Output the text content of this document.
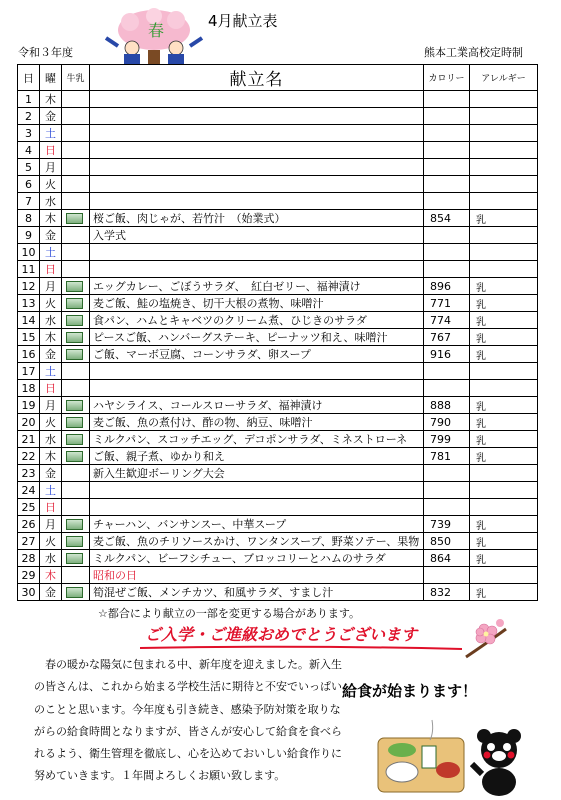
4月献立表
令和３年度	熊本工業高校定時制
春
日	曜	牛乳	献立名	カロリー	アレルギー
1	木				
2	金				
3	土				
4	日				
5	月				
6	火				
7	水				
8	木		桜ご飯、肉じゃが、若竹汁　（始業式）	854	乳
9	金		入学式		
10	土				
11	日				
12	月		エッグカレー、ごぼうサラダ、　紅白ゼリー、福神漬け	896	乳
13	火		麦ご飯、鮭の塩焼き、切干大根の煮物、味噌汁	771	乳
14	水		食パン、ハムとキャベツのクリーム煮、ひじきのサラダ	774	乳
15	木		ピースご飯、ハンバーグステーキ、ピーナッツ和え、味噌汁	767	乳
16	金		ご飯、マーボ豆腐、コーンサラダ、卵スープ	916	乳
17	土				
18	日				
19	月		ハヤシライス、コールスローサラダ、福神漬け	888	乳
20	火		麦ご飯、魚の煮付け、酢の物、納豆、味噌汁	790	乳
21	水		ミルクパン、スコッチエッグ、デコポンサラダ、ミネストローネ	799	乳
22	木		ご飯、親子煮、ゆかり和え	781	乳
23	金		新入生歓迎ボーリング大会		
24	土				
25	日				
26	月		チャーハン、バンサンスー、中華スープ	739	乳
27	火		麦ご飯、魚のチリソースかけ、ワンタンスープ、野菜ソテー、果物	850	乳
28	水		ミルクパン、ビーフシチュー、ブロッコリーとハムのサラダ	864	乳
29	木		昭和の日		
30	金		筍混ぜご飯、メンチカツ、和風サラダ、すまし汁	832	乳
☆都合により献立の一部を変更する場合があります。
ご入学・ご進級おめでとうございます
春の暖かな陽気に包まれる中、新年度を迎えました。新入生の皆さんは、これから始まる学校生活に期待と不安でいっぱいのことと思います。今年度も引き続き、感染予防対策を取りながらの給食時間となりますが、皆さんが安心して給食を食べられるよう、衛生管理を徹底し、心を込めておいしい給食作りに努めていきます。１年間よろしくお願い致します。
給食が始まります！
